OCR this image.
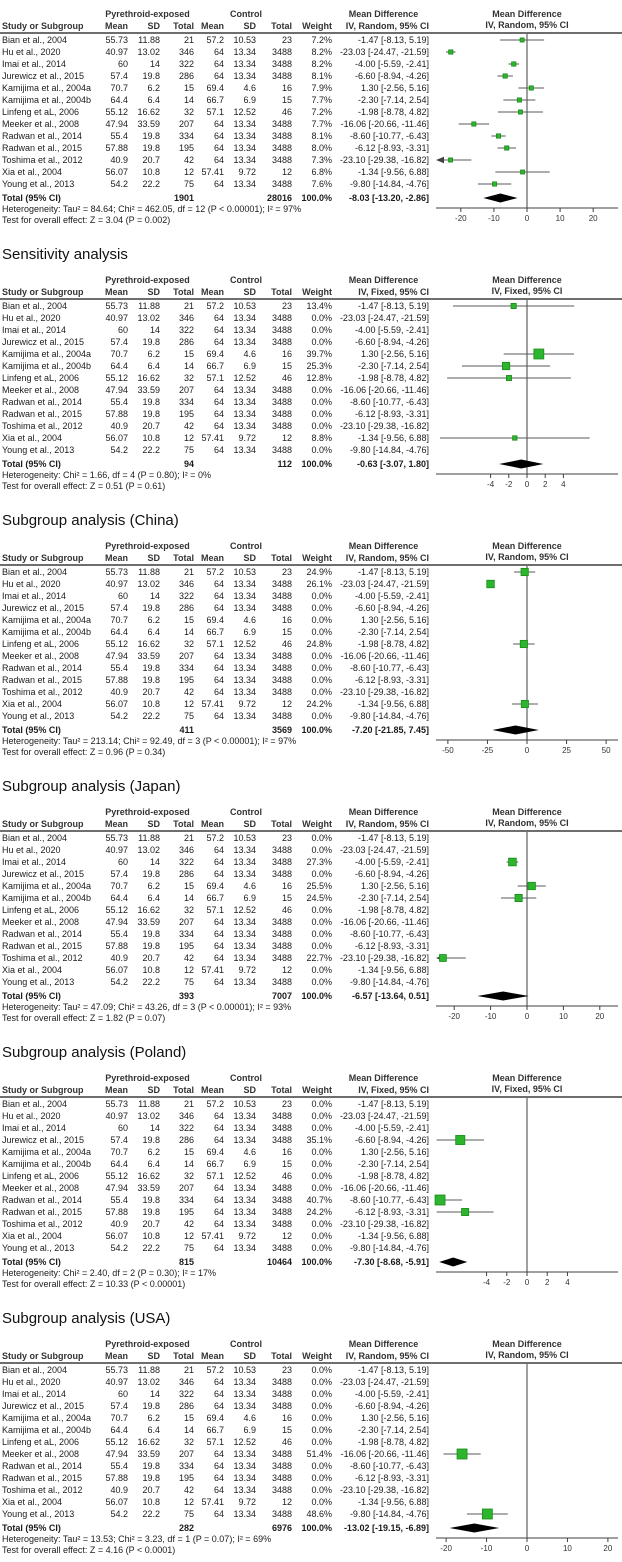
Pyrethroid-exposed	Control	Mean Difference
Study or Subgroup	Mean	SD	Total Mean	SD	Total	Weight	IV, Random, 95% CI
Bian et al., 2004	55.73	11.88	21	57.2	10.53	23	7.2%	-1.47 [-8.13, 5.19]
Hu et al., 2020	40.97	13.02	346	64	13.34	3488	8.2% -23.03 [-24.47, -21.59]
Imai et al., 2014	60	14	322	64	13.34	3488	8.2%	-4.00 [-5.59, -2.41]
Jurewicz et al., 2015	57.4	19.8	286	64	13.34	3488	8.1%	-6.60 [-8.94, -4.26]
Kamijima et al., 2004a	70.7	6.2	15	69.4	4.6	16	7.9%	1.30 [-2.56, 5.16]
Kamijima et al., 2004b	64.4	6.4	14	66.7	6.9	15	7.7%	-2.30 [-7.14, 2.54]
Linfeng et aL, 2006	55.12	16.62	32	57.1	12.52	46	7.2%	-1.98 [-8.78, 4.82]
Meeker et al., 2008	47.94	33.59	207	64	13.34	3488	7.7% -16.06 [-20.66, -11.46]
Radwan et al., 2014	55.4	19.8	334	64	13.34	3488	8.1%	-8.60 [-10.77, -6.43]
Radwan et al., 2015	57.88	19.8	195	64	13.34	3488	8.0%	-6.12 [-8.93, -3.31]
Toshima et al., 2012	40.9	20.7	42	64	13.34	3488	7.3% -23.10 [-29.38, -16.82]
Xia et al., 2004	56.07	10.8	12 57.41	9.72	12	6.8%	-1.34 [-9.56, 6.88]
Young et al., 2013	54.2	22.2	75	64	13.34	3488	7.6%	-9.80 [-14.84, -4.76]
Total (95% CI)	1901	28016	100.0%	-8.03 [-13.20, -2.86]
Heterogeneity: Tau² = 84.64; Chi² = 462.05, df = 12 (P < 0.00001); I² = 97%
Test for overall effect: Z = 3.04 (P = 0.002)
Mean Difference
IV, Random, 95% CI
-20	-10	0	10	20
Sensitivity analysis
Pyrethroid-exposed	Control	Mean Difference
Study or Subgroup	Mean	SD	Total Mean	SD	Total	Weight	IV, Fixed, 95% CI
Bian et al., 2004	55.73	11.88	21	57.2	10.53	23	13.4%	-1.47 [-8.13, 5.19]
Hu et al., 2020	40.97	13.02	346	64	13.34	3488	0.0% -23.03 [-24.47, -21.59]
Imai et al., 2014	60	14	322	64	13.34	3488	0.0%	-4.00 [-5.59, -2.41]
Jurewicz et al., 2015	57.4	19.8	286	64	13.34	3488	0.0%	-6.60 [-8.94, -4.26]
Kamijima et al., 2004a	70.7	6.2	15	69.4	4.6	16	39.7%	1.30 [-2.56, 5.16]
Kamijima et al., 2004b	64.4	6.4	14	66.7	6.9	15	25.3%	-2.30 [-7.14, 2.54]
Linfeng et aL, 2006	55.12	16.62	32	57.1	12.52	46	12.8%	-1.98 [-8.78, 4.82]
Meeker et al., 2008	47.94	33.59	207	64	13.34	3488	0.0% -16.06 [-20.66, -11.46]
Radwan et al., 2014	55.4	19.8	334	64	13.34	3488	0.0%	-8.60 [-10.77, -6.43]
Radwan et al., 2015	57.88	19.8	195	64	13.34	3488	0.0%	-6.12 [-8.93, -3.31]
Toshima et al., 2012	40.9	20.7	42	64	13.34	3488	0.0% -23.10 [-29.38, -16.82]
Xia et al., 2004	56.07	10.8	12 57.41	9.72	12	8.8%	-1.34 [-9.56, 6.88]
Young et al., 2013	54.2	22.2	75	64	13.34	3488	0.0%	-9.80 [-14.84, -4.76]
Total (95% CI)	94	112	100.0%	-0.63 [-3.07, 1.80]
Heterogeneity: Chi² = 1.66, df = 4 (P = 0.80); I² = 0%
Test for overall effect: Z = 0.51 (P = 0.61)
Mean Difference
IV, Fixed, 95% CI
-4 -2 0 2 4
Subgroup analysis (China)
Pyrethroid-exposed	Control	Mean Difference
Study or Subgroup	Mean	SD	Total Mean	SD	Total	Weight	IV, Random, 95% CI
Bian et al., 2004	55.73	11.88	21	57.2	10.53	23	24.9%	-1.47 [-8.13, 5.19]
Hu et al., 2020	40.97	13.02	346	64	13.34	3488	26.1% -23.03 [-24.47, -21.59]
Imai et al., 2014	60	14	322	64	13.34	3488	0.0%	-4.00 [-5.59, -2.41]
Jurewicz et al., 2015	57.4	19.8	286	64	13.34	3488	0.0%	-6.60 [-8.94, -4.26]
Kamijima et al., 2004a	70.7	6.2	15	69.4	4.6	16	0.0%	1.30 [-2.56, 5.16]
Kamijima et al., 2004b	64.4	6.4	14	66.7	6.9	15	0.0%	-2.30 [-7.14, 2.54]
Linfeng et aL, 2006	55.12	16.62	32	57.1	12.52	46	24.8%	-1.98 [-8.78, 4.82]
Meeker et al., 2008	47.94	33.59	207	64	13.34	3488	0.0% -16.06 [-20.66, -11.46]
Radwan et al., 2014	55.4	19.8	334	64	13.34	3488	0.0%	-8.60 [-10.77, -6.43]
Radwan et al., 2015	57.88	19.8	195	64	13.34	3488	0.0%	-6.12 [-8.93, -3.31]
Toshima et al., 2012	40.9	20.7	42	64	13.34	3488	0.0% -23.10 [-29.38, -16.82]
Xia et al., 2004	56.07	10.8	12 57.41	9.72	12	24.2%	-1.34 [-9.56, 6.88]
Young et al., 2013	54.2	22.2	75	64	13.34	3488	0.0%	-9.80 [-14.84, -4.76]
Total (95% CI)	411	3569	100.0%	-7.20 [-21.85, 7.45]
Heterogeneity: Tau² = 213.14; Chi² = 92.49, df = 3 (P < 0.00001); I² = 97%
Test for overall effect: Z = 0.96 (P = 0.34)
Mean Difference
IV, Random, 95% CI
-50	-25	0	25	50
Subgroup analysis (Japan)
Pyrethroid-exposed	Control	Mean Difference
Study or Subgroup	Mean	SD	Total Mean	SD	Total	Weight	IV, Random, 95% CI
Bian et al., 2004	55.73	11.88	21	57.2	10.53	23	0.0%	-1.47 [-8.13, 5.19]
Hu et al., 2020	40.97	13.02	346	64	13.34	3488	0.0% -23.03 [-24.47, -21.59]
Imai et al., 2014	60	14	322	64	13.34	3488	27.3%	-4.00 [-5.59, -2.41]
Jurewicz et al., 2015	57.4	19.8	286	64	13.34	3488	0.0%	-6.60 [-8.94, -4.26]
Kamijima et al., 2004a	70.7	6.2	15	69.4	4.6	16	25.5%	1.30 [-2.56, 5.16]
Kamijima et al., 2004b	64.4	6.4	14	66.7	6.9	15	24.5%	-2.30 [-7.14, 2.54]
Linfeng et aL, 2006	55.12	16.62	32	57.1	12.52	46	0.0%	-1.98 [-8.78, 4.82]
Meeker et al., 2008	47.94	33.59	207	64	13.34	3488	0.0% -16.06 [-20.66, -11.46]
Radwan et al., 2014	55.4	19.8	334	64	13.34	3488	0.0%	-8.60 [-10.77, -6.43]
Radwan et al., 2015	57.88	19.8	195	64	13.34	3488	0.0%	-6.12 [-8.93, -3.31]
Toshima et al., 2012	40.9	20.7	42	64	13.34	3488	22.7% -23.10 [-29.38, -16.82]
Xia et al., 2004	56.07	10.8	12 57.41	9.72	12	0.0%	-1.34 [-9.56, 6.88]
Young et al., 2013	54.2	22.2	75	64	13.34	3488	0.0%	-9.80 [-14.84, -4.76]
Total (95% CI)	393	7007	100.0%	-6.57 [-13.64, 0.51]
Heterogeneity: Tau² = 47.09; Chi² = 43.26, df = 3 (P < 0.00001); I² = 93%
Test for overall effect: Z = 1.82 (P = 0.07)
Mean Difference
IV, Random, 95% CI
-20	-10	0	10	20
Subgroup analysis (Poland)
Pyrethroid-exposed	Control	Mean Difference
Study or Subgroup	Mean	SD	Total Mean	SD	Total	Weight	IV, Fixed, 95% CI
Bian et al., 2004	55.73	11.88	21	57.2	10.53	23	0.0%	-1.47 [-8.13, 5.19]
Hu et al., 2020	40.97	13.02	346	64	13.34	3488	0.0% -23.03 [-24.47, -21.59]
Imai et al., 2014	60	14	322	64	13.34	3488	0.0%	-4.00 [-5.59, -2.41]
Jurewicz et al., 2015	57.4	19.8	286	64	13.34	3488	35.1%	-6.60 [-8.94, -4.26]
Kamijima et al., 2004a	70.7	6.2	15	69.4	4.6	16	0.0%	1.30 [-2.56, 5.16]
Kamijima et al., 2004b	64.4	6.4	14	66.7	6.9	15	0.0%	-2.30 [-7.14, 2.54]
Linfeng et aL, 2006	55.12	16.62	32	57.1	12.52	46	0.0%	-1.98 [-8.78, 4.82]
Meeker et al., 2008	47.94	33.59	207	64	13.34	3488	0.0% -16.06 [-20.66, -11.46]
Radwan et al., 2014	55.4	19.8	334	64	13.34	3488	40.7%	-8.60 [-10.77, -6.43]
Radwan et al., 2015	57.88	19.8	195	64	13.34	3488	24.2%	-6.12 [-8.93, -3.31]
Toshima et al., 2012	40.9	20.7	42	64	13.34	3488	0.0% -23.10 [-29.38, -16.82]
Xia et al., 2004	56.07	10.8	12 57.41	9.72	12	0.0%	-1.34 [-9.56, 6.88]
Young et al., 2013	54.2	22.2	75	64	13.34	3488	0.0%	-9.80 [-14.84, -4.76]
Total (95% CI)	815	10464	100.0%	-7.30 [-8.68, -5.91]
Heterogeneity: Chi² = 2.40, df = 2 (P = 0.30); I² = 17%
Test for overall effect: Z = 10.33 (P < 0.00001)
Mean Difference
IV, Fixed, 95% CI
-4 -2 0 2 4
Subgroup analysis (USA)
Pyrethroid-exposed	Control	Mean Difference
Study or Subgroup	Mean	SD	Total Mean	SD	Total	Weight	IV, Random, 95% CI
Bian et al., 2004	55.73	11.88	21	57.2	10.53	23	0.0%	-1.47 [-8.13, 5.19]
Hu et al., 2020	40.97	13.02	346	64	13.34	3488	0.0% -23.03 [-24.47, -21.59]
Imai et al., 2014	60	14	322	64	13.34	3488	0.0%	-4.00 [-5.59, -2.41]
Jurewicz et al., 2015	57.4	19.8	286	64	13.34	3488	0.0%	-6.60 [-8.94, -4.26]
Kamijima et al., 2004a	70.7	6.2	15	69.4	4.6	16	0.0%	1.30 [-2.56, 5.16]
Kamijima et al., 2004b	64.4	6.4	14	66.7	6.9	15	0.0%	-2.30 [-7.14, 2.54]
Linfeng et aL, 2006	55.12	16.62	32	57.1	12.52	46	0.0%	-1.98 [-8.78, 4.82]
Meeker et al., 2008	47.94	33.59	207	64	13.34	3488	51.4% -16.06 [-20.66, -11.46]
Radwan et al., 2014	55.4	19.8	334	64	13.34	3488	0.0%	-8.60 [-10.77, -6.43]
Radwan et al., 2015	57.88	19.8	195	64	13.34	3488	0.0%	-6.12 [-8.93, -3.31]
Toshima et al., 2012	40.9	20.7	42	64	13.34	3488	0.0% -23.10 [-29.38, -16.82]
Xia et al., 2004	56.07	10.8	12 57.41	9.72	12	0.0%	-1.34 [-9.56, 6.88]
Young et al., 2013	54.2	22.2	75	64	13.34	3488	48.6%	-9.80 [-14.84, -4.76]
Total (95% CI)	282	6976	100.0%	-13.02 [-19.15, -6.89]
Heterogeneity: Tau² = 13.53; Chi² = 3.23, df = 1 (P = 0.07); I² = 69%
Test for overall effect: Z = 4.16 (P < 0.0001)
Mean Difference
IV, Random, 95% CI
-20	-10	0	10	20
